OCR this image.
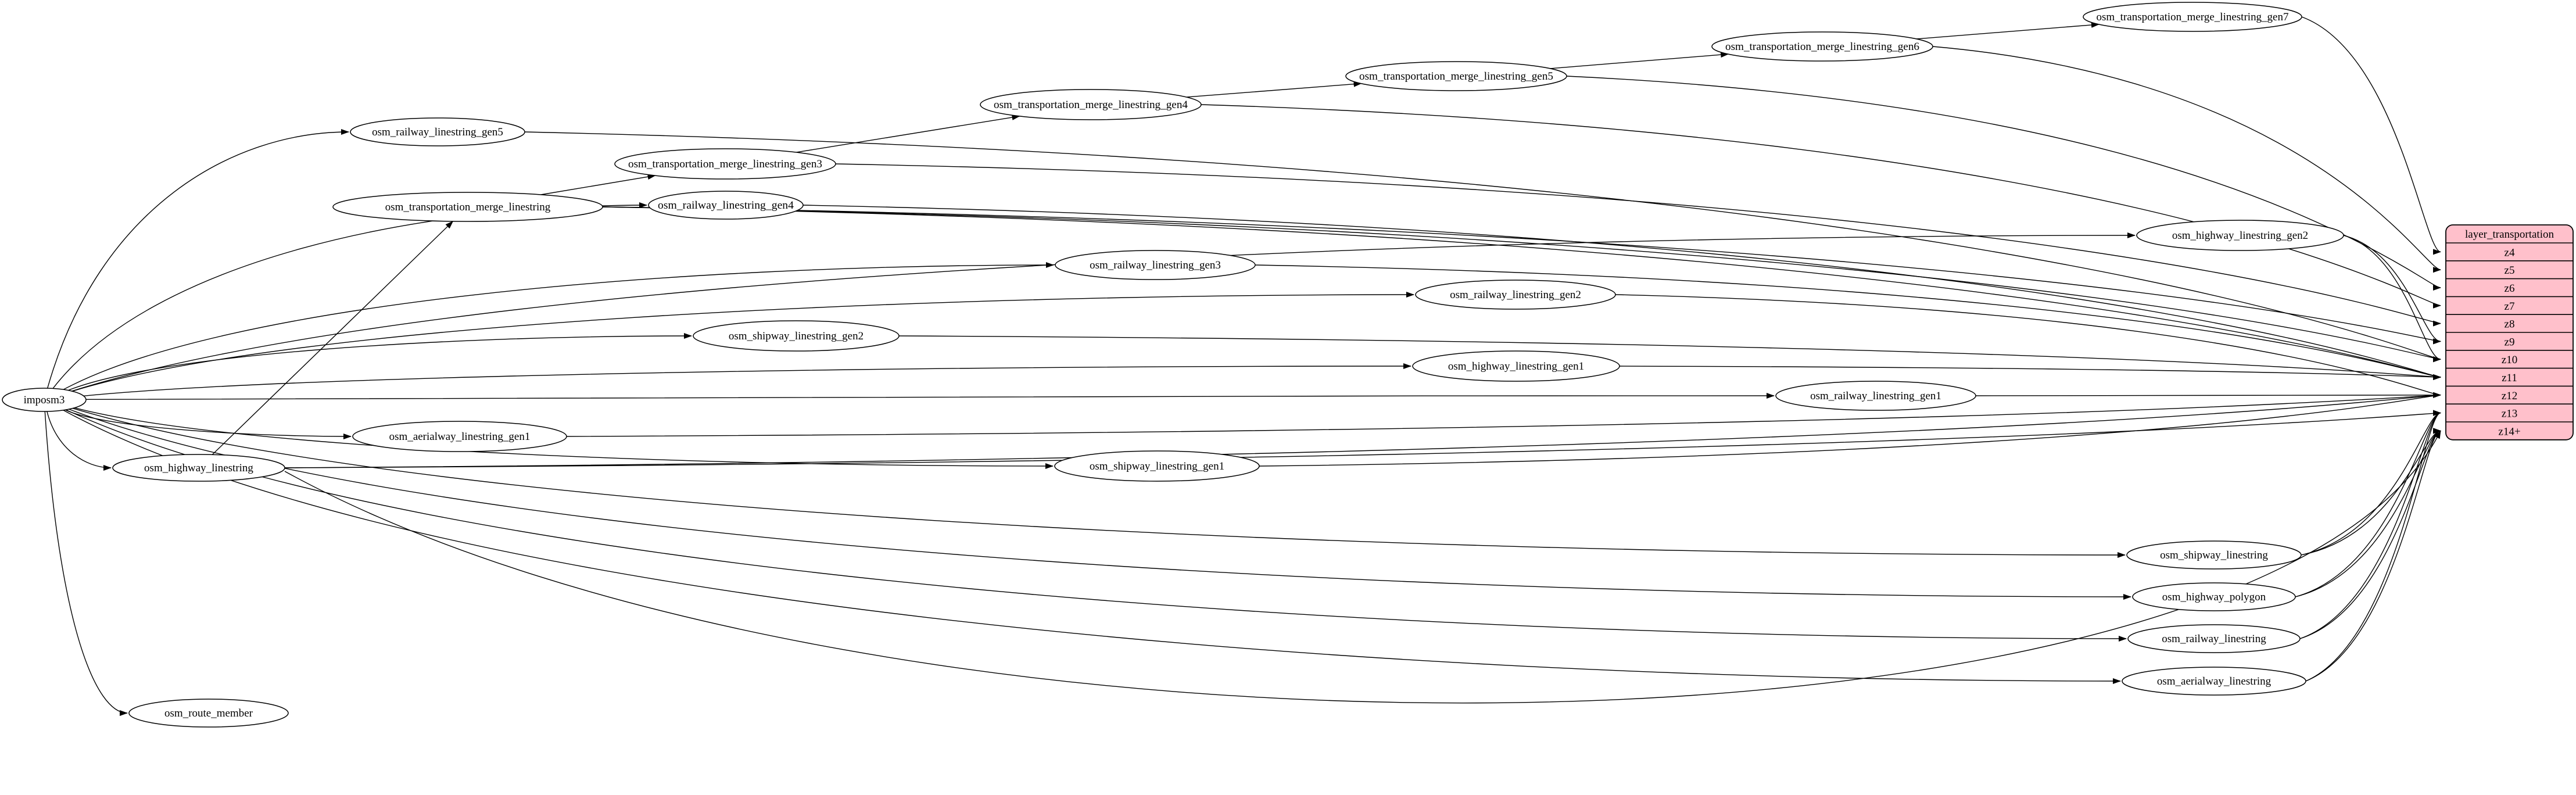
layer_transportation
z4
z5
z6
z7
z8
z9
z10
z11
z12
z13
z14+
imposm3
osm_railway_linestring_gen5
osm_transportation_merge_linestring_gen3
osm_railway_linestring_gen4
osm_transportation_merge_linestring
osm_transportation_merge_linestring_gen4
osm_transportation_merge_linestring_gen5
osm_transportation_merge_linestring_gen6
osm_transportation_merge_linestring_gen7
osm_highway_linestring_gen2
osm_railway_linestring_gen3
osm_railway_linestring_gen2
osm_shipway_linestring_gen2
osm_highway_linestring_gen1
osm_railway_linestring_gen1
osm_aerialway_linestring_gen1
osm_shipway_linestring_gen1
osm_highway_linestring
osm_shipway_linestring
osm_highway_polygon
osm_railway_linestring
osm_aerialway_linestring
osm_route_member
